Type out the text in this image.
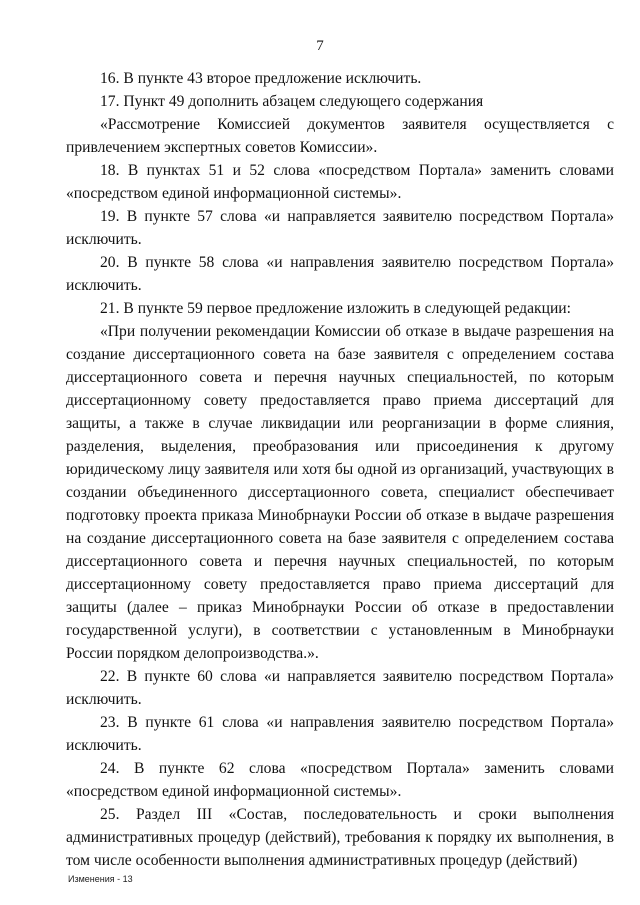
7

16. В пункте 43 второе предложение исключить.

17. Пункт 49 дополнить абзацем следующего содержания

«Рассмотрение Комиссией документов заявителя осуществляется с привлечением экспертных советов Комиссии».

18. В пунктах 51 и 52 слова «посредством Портала» заменить словами «посредством единой информационной системы».

19. В пункте 57 слова «и направляется заявителю посредством Портала» исключить.

20. В пункте 58 слова «и направления заявителю посредством Портала» исключить.

21. В пункте 59 первое предложение изложить в следующей редакции:

«При получении рекомендации Комиссии об отказе в выдаче разрешения на создание диссертационного совета на базе заявителя с определением состава диссертационного совета и перечня научных специальностей, по которым диссертационному совету предоставляется право приема диссертаций для защиты, а также в случае ликвидации или реорганизации в форме слияния, разделения, выделения, преобразования или присоединения к другому юридическому лицу заявителя или хотя бы одной из организаций, участвующих в создании объединенного диссертационного совета, специалист обеспечивает подготовку проекта приказа Минобрнауки России об отказе в выдаче разрешения на создание диссертационного совета на базе заявителя с определением состава диссертационного совета и перечня научных специальностей, по которым диссертационному совету предоставляется право приема диссертаций для защиты (далее – приказ Минобрнауки России об отказе в предоставлении государственной услуги), в соответствии с установленным в Минобрнауки России порядком делопроизводства.».

22. В пункте 60 слова «и направляется заявителю посредством Портала» исключить.

23. В пункте 61 слова «и направления заявителю посредством Портала» исключить.

24. В пункте 62 слова «посредством Портала» заменить словами «посредством единой информационной системы».

25. Раздел III «Состав, последовательность и сроки выполнения административных процедур (действий), требования к порядку их выполнения, в том числе особенности выполнения административных процедур (действий)

Изменения - 13
